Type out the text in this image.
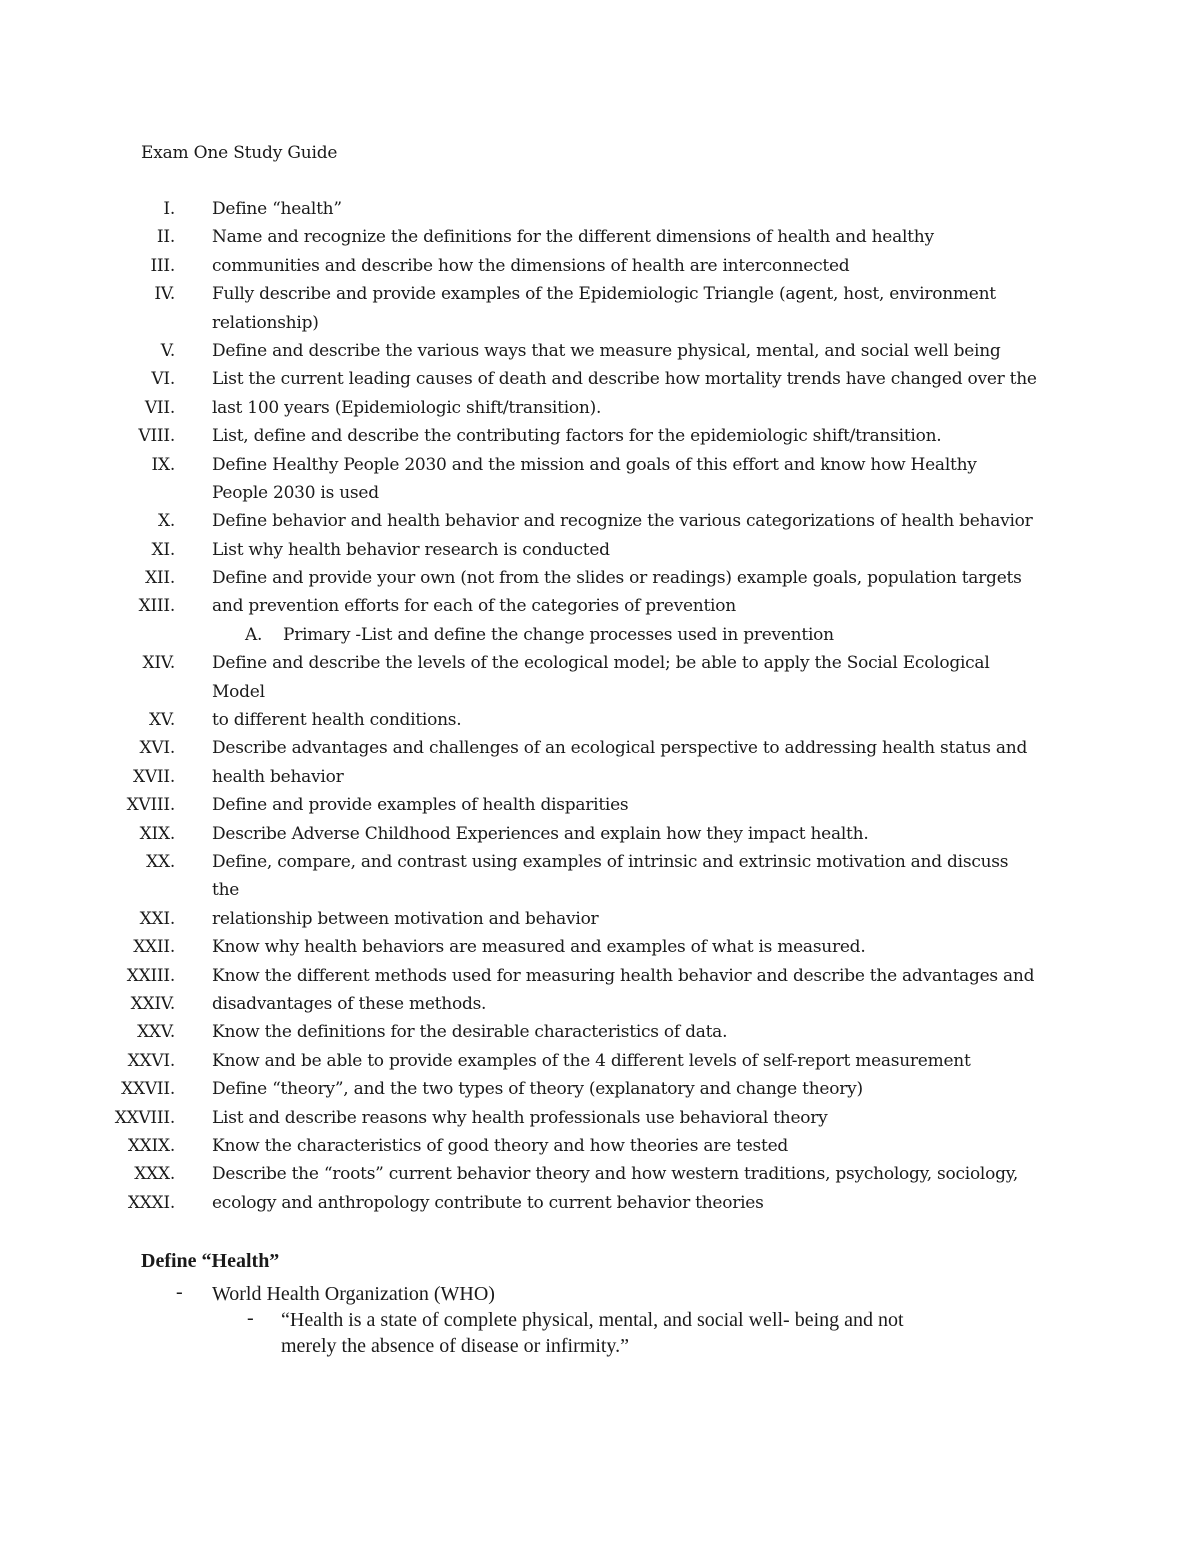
Exam One Study Guide
I. Define “health”
II. Name and recognize the definitions for the different dimensions of health and healthy
III. communities and describe how the dimensions of health are interconnected
IV. Fully describe and provide examples of the Epidemiologic Triangle (agent, host, environment
relationship)
V. Define and describe the various ways that we measure physical, mental, and social well being
VI. List the current leading causes of death and describe how mortality trends have changed over the
VII. last 100 years (Epidemiologic shift/transition).
VIII. List, define and describe the contributing factors for the epidemiologic shift/transition.
IX. Define Healthy People 2030 and the mission and goals of this effort and know how Healthy
People 2030 is used
X. Define behavior and health behavior and recognize the various categorizations of health behavior
XI. List why health behavior research is conducted
XII. Define and provide your own (not from the slides or readings) example goals, population targets
XIII. and prevention efforts for each of the categories of prevention
A. Primary -List and define the change processes used in prevention
XIV. Define and describe the levels of the ecological model; be able to apply the Social Ecological
Model
XV. to different health conditions.
XVI. Describe advantages and challenges of an ecological perspective to addressing health status and
XVII. health behavior
XVIII. Define and provide examples of health disparities
XIX. Describe Adverse Childhood Experiences and explain how they impact health.
XX. Define, compare, and contrast using examples of intrinsic and extrinsic motivation and discuss
the
XXI. relationship between motivation and behavior
XXII. Know why health behaviors are measured and examples of what is measured.
XXIII. Know the different methods used for measuring health behavior and describe the advantages and
XXIV. disadvantages of these methods.
XXV. Know the definitions for the desirable characteristics of data.
XXVI. Know and be able to provide examples of the 4 different levels of self-report measurement
XXVII. Define “theory”, and the two types of theory (explanatory and change theory)
XXVIII. List and describe reasons why health professionals use behavioral theory
XXIX. Know the characteristics of good theory and how theories are tested
XXX. Describe the “roots” current behavior theory and how western traditions, psychology, sociology,
XXXI. ecology and anthropology contribute to current behavior theories
Define “Health”
- World Health Organization (WHO)
- “Health is a state of complete physical, mental, and social well- being and not
merely the absence of disease or infirmity.”
